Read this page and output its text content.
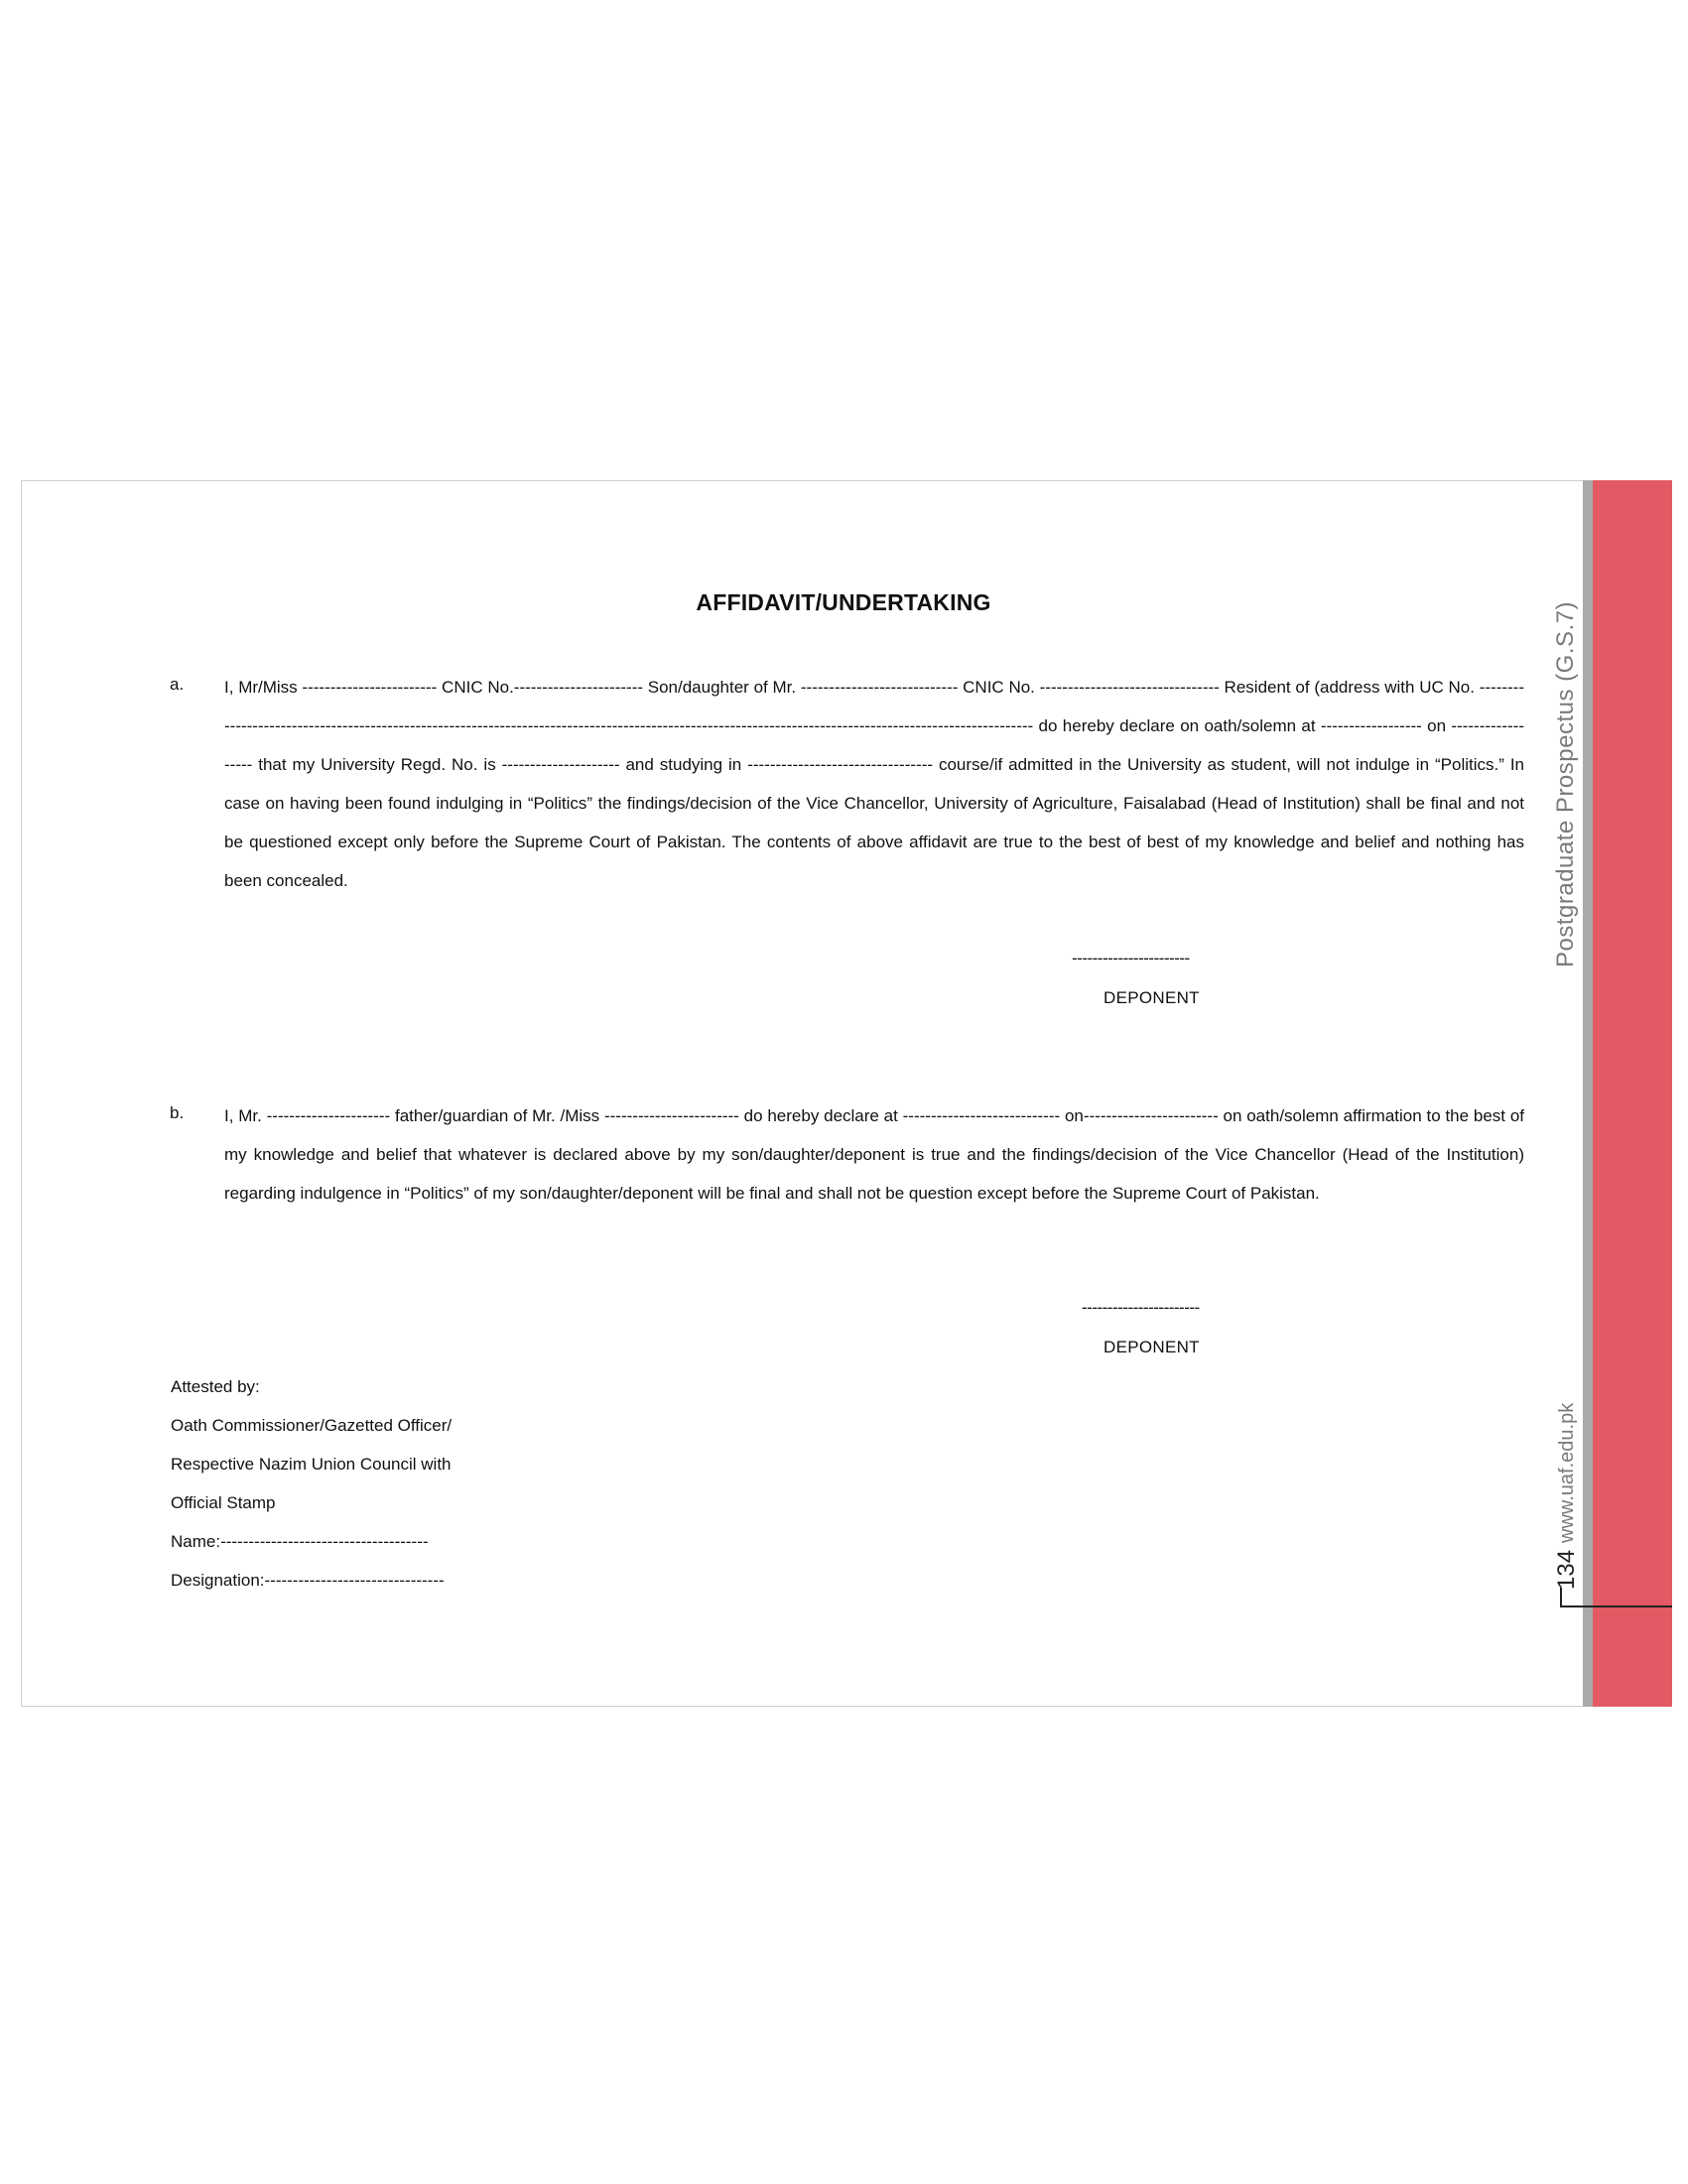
Postgraduate Prospectus (G.S.7)
www.uaf.edu.pk
134
AFFIDAVIT/UNDERTAKING
a. I, Mr/Miss ------------------------ CNIC No.----------------------- Son/daughter of Mr. ---------------------------- CNIC No. -------------------------------- Resident of (address with UC No. -------------------------------------------------------------------------------------------------------------------------------------------------------- do hereby declare on oath/solemn at ------------------ on ------------------ that my University Regd. No. is --------------------- and studying in --------------------------------- course/if admitted in the University as student, will not indulge in “Politics.” In case on having been found indulging in “Politics” the findings/decision of the Vice Chancellor, University of Agriculture, Faisalabad (Head of Institution) shall be final and not be questioned except only before the Supreme Court of Pakistan. The contents of above affidavit are true to the best of best of my knowledge and belief and nothing has been concealed.

-----------------------
DEPONENT
b. I, Mr. ---------------------- father/guardian of Mr. /Miss ------------------------ do hereby declare at ---------------------------- on------------------------ on oath/solemn affirmation to the best of my knowledge and belief that whatever is declared above by my son/daughter/deponent is true and the findings/decision of the Vice Chancellor (Head of the Institution) regarding indulgence in “Politics” of my son/daughter/deponent will be final and shall not be question except before the Supreme Court of Pakistan.

-----------------------
DEPONENT
Attested by:
Oath Commissioner/Gazetted Officer/
Respective Nazim Union Council with
Official Stamp
Name:-------------------------------------
Designation:--------------------------------
